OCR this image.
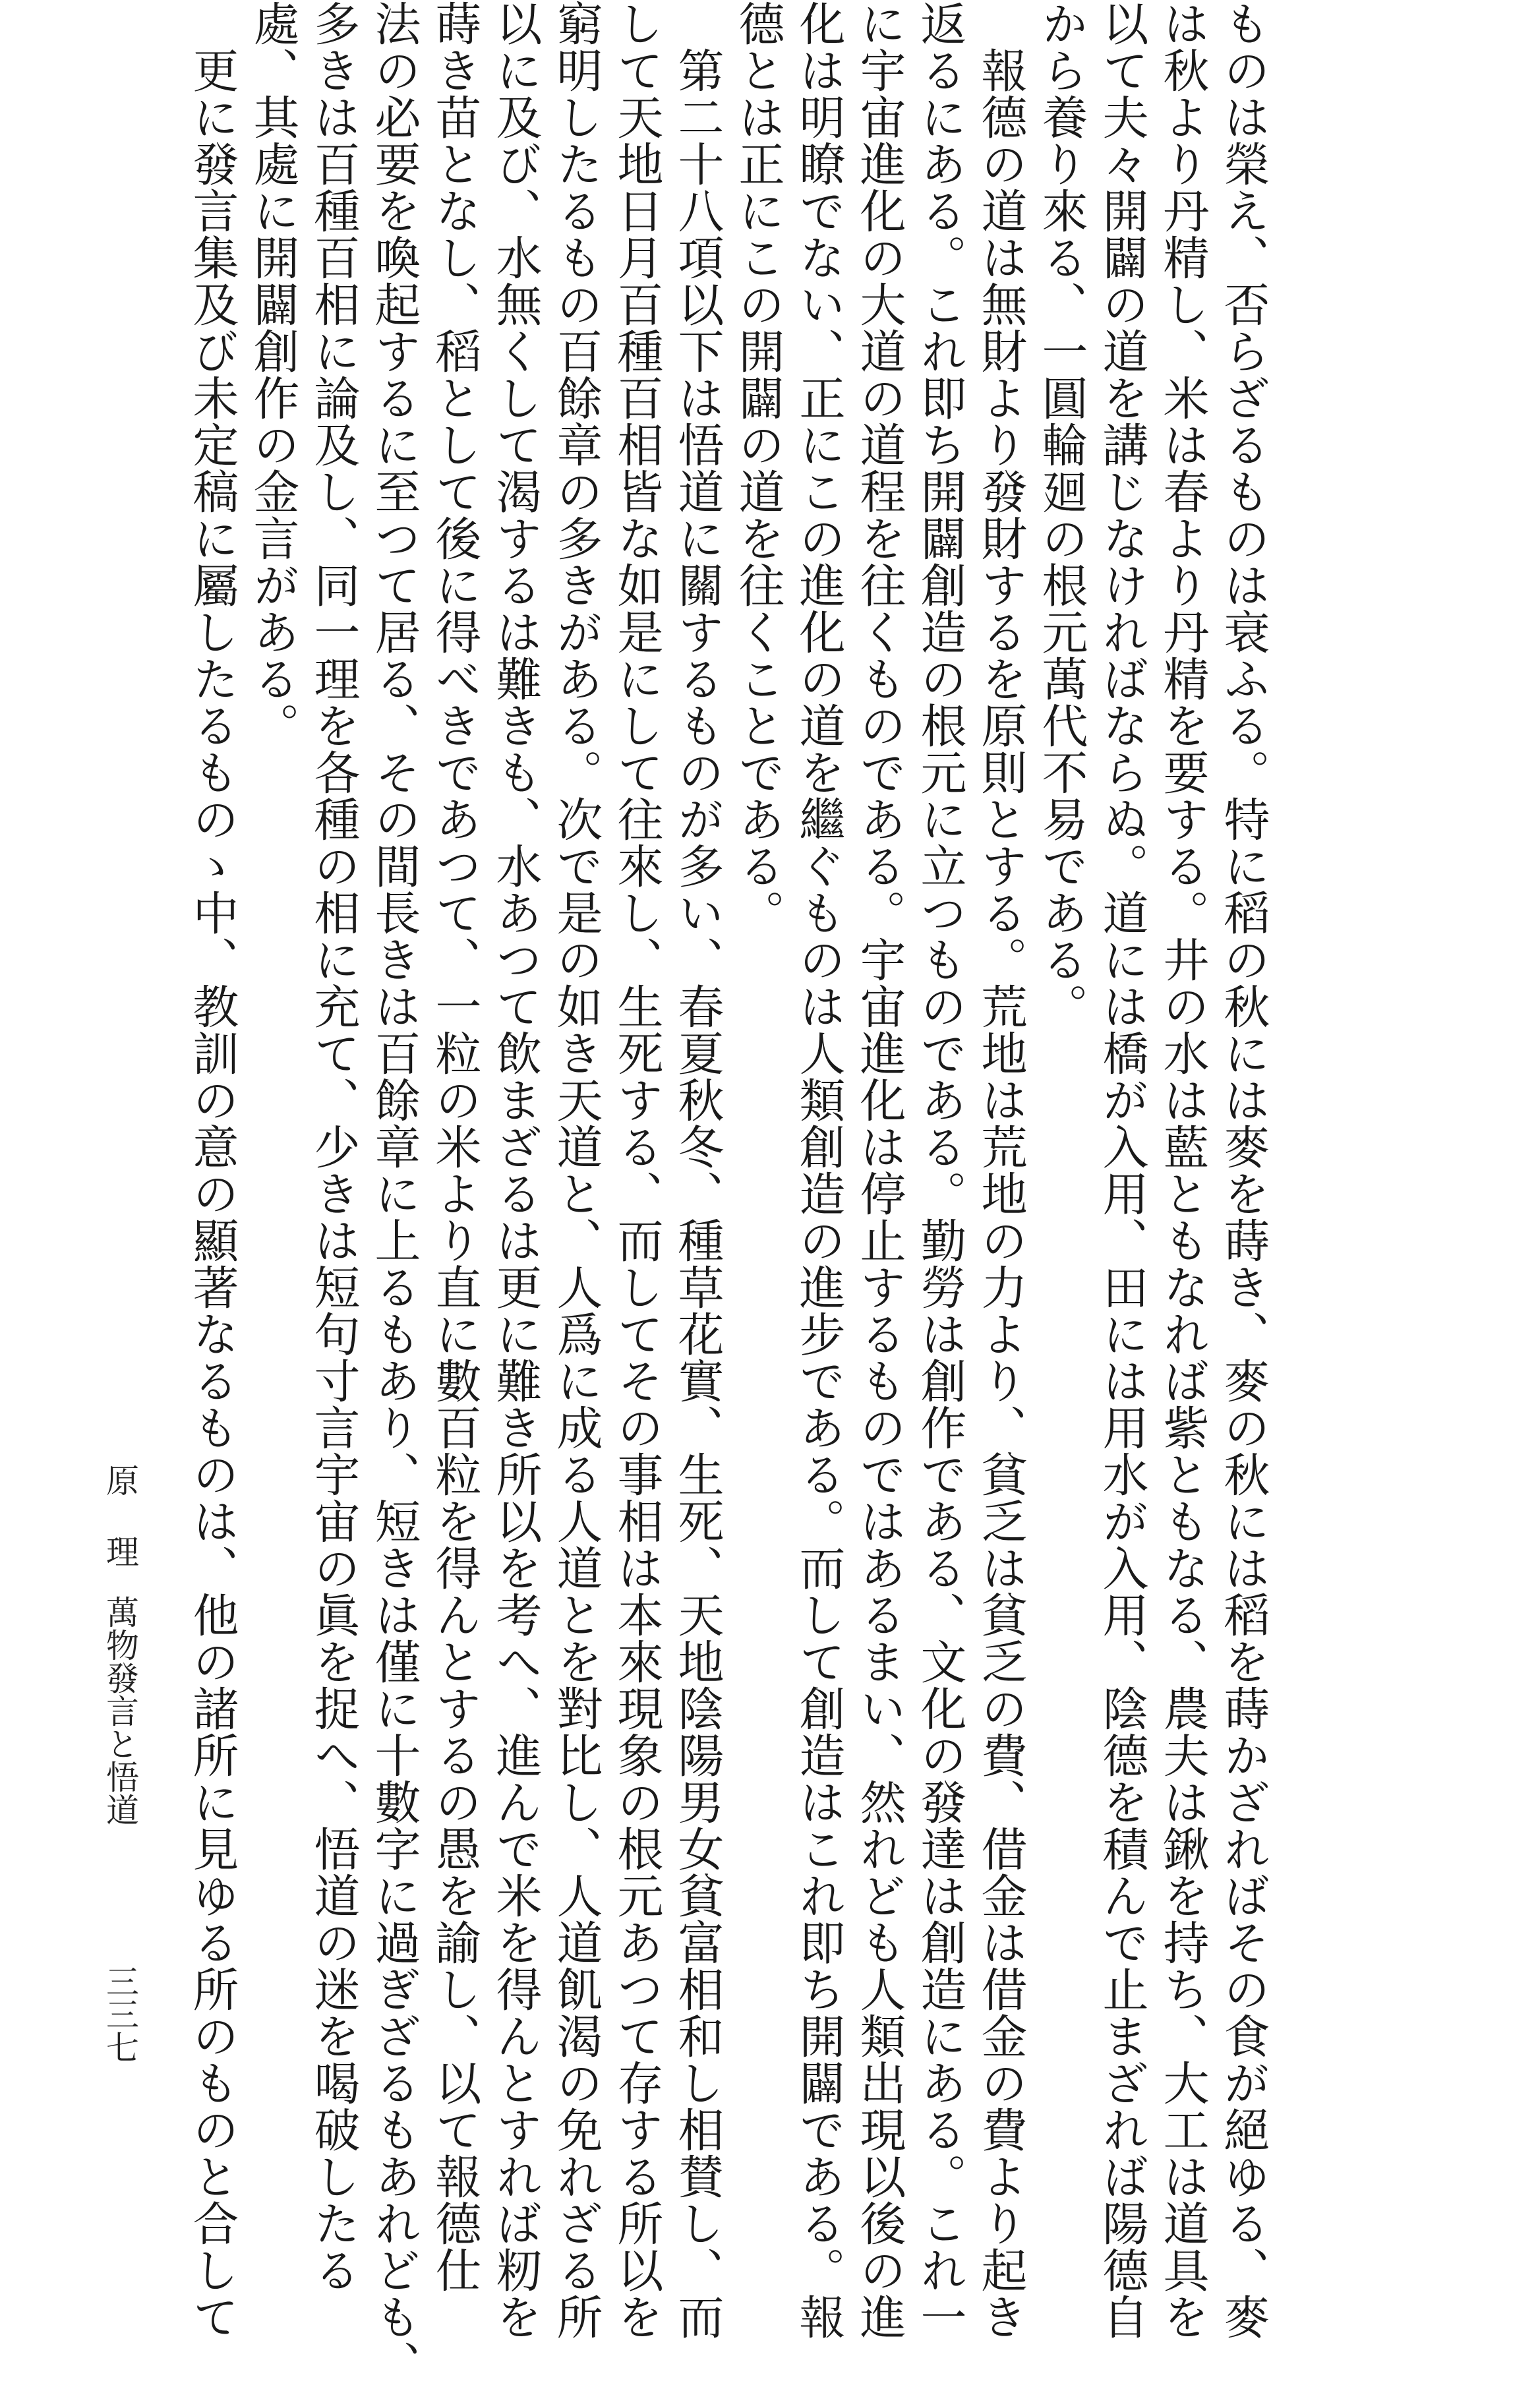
ものは榮え、否らざるものは衰ふる。特に稻の秋には麥を蒔き、麥の秋には稻を蒔かざればその食が絕ゆる、麥
は秋より丹精し、米は春より丹精を要する。井の水は藍ともなれば紫ともなる、農夫は鍬を持ち、大工は道具を
以て夫々開闢の道を講じなければならぬ。道には橋が入用、田には用水が入用、陰德を積んで止まざれば陽德自
から養り來る、一圓輪廻の根元萬代不易である。
　報德の道は無財より發財するを原則とする。荒地は荒地の力より、貧乏は貧乏の費、借金は借金の費より起き
返るにある。これ即ち開闢創造の根元に立つものである。勤勞は創作である、文化の發達は創造にある。これ一
に宇宙進化の大道の道程を往くものである。宇宙進化は停止するものではあるまい、然れども人類出現以後の進
化は明瞭でない、正にこの進化の道を繼ぐものは人類創造の進步である。而して創造はこれ即ち開闢である。報
德とは正にこの開闢の道を往くことである。
　第二十八項以下は悟道に關するものが多い、春夏秋冬、種草花實、生死、天地陰陽男女貧富相和し相賛し、而
して天地日月百種百相皆な如是にして往來し、生死する、而してその事相は本來現象の根元あつて存する所以を
窮明したるもの百餘章の多きがある。次で是の如き天道と、人爲に成る人道とを對比し、人道飢渴の免れざる所
以に及び、水無くして渴するは難きも、水あつて飲まざるは更に難き所以を考へ、進んで米を得んとすれば籾を
蒔き苗となし、稻として後に得べきであつて、一粒の米より直に數百粒を得んとするの愚を諭し、以て報德仕
法の必要を喚起するに至つて居る、その間長きは百餘章に上るもあり、短きは僅に十數字に過ぎざるもあれども、
多きは百種百相に論及し、同一理を各種の相に充て、少きは短句寸言宇宙の眞を捉へ、悟道の迷を喝破したる
處、其處に開闢創作の金言がある。
　更に發言集及び未定稿に屬したるものゝ中、教訓の意の顯著なるものは、他の諸所に見ゆる所のものと合して
原 理
萬物發言と悟道
三三七
